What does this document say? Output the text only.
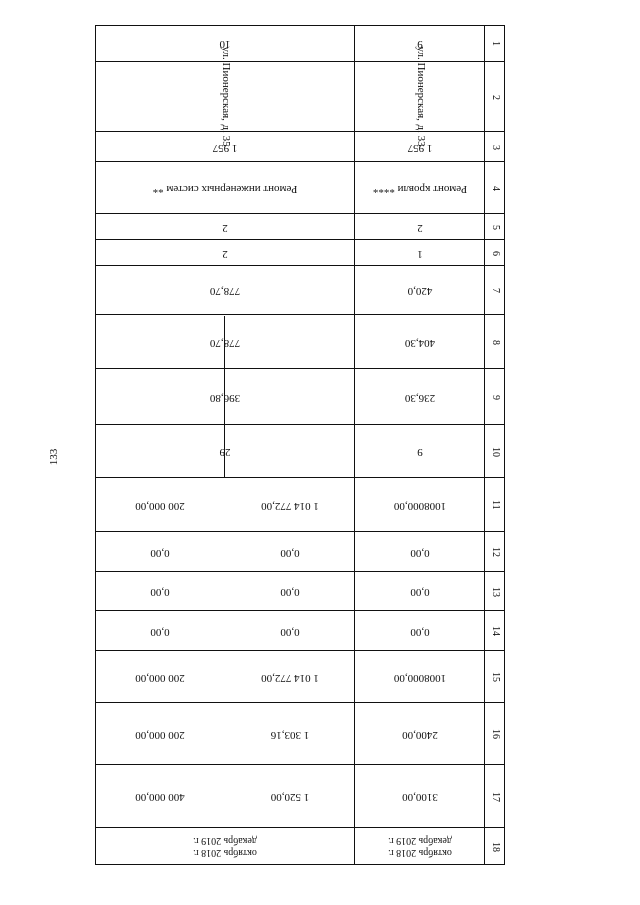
133
18
17
16
15
14
13
12
11
10
9
8
7
6
5
4
3
2
1
октябрь 2018 г.
декабрь 2019 г.
3100,00
2400,00
1008000,00
0,00
0,00
0,00
1008000,00
9
236,30
404,30
420,0
1
2
Ремонт кровли ****
1 957
ул. Пионерская,
д. 33
9
октябрь 2018 г.
декабрь 2019 г.
1 520,00
400 000,00
1 303,16
200 000,00
1 014 772,00
200 000,00
0,00
0,00
0,00
0,00
0,00
0,00
1 014 772,00
200 000,00
29
396,80
778,70
778,70
2
2
Ремонт инженерных систем **
1 957
ул. Пионерская,
д. 35
10
